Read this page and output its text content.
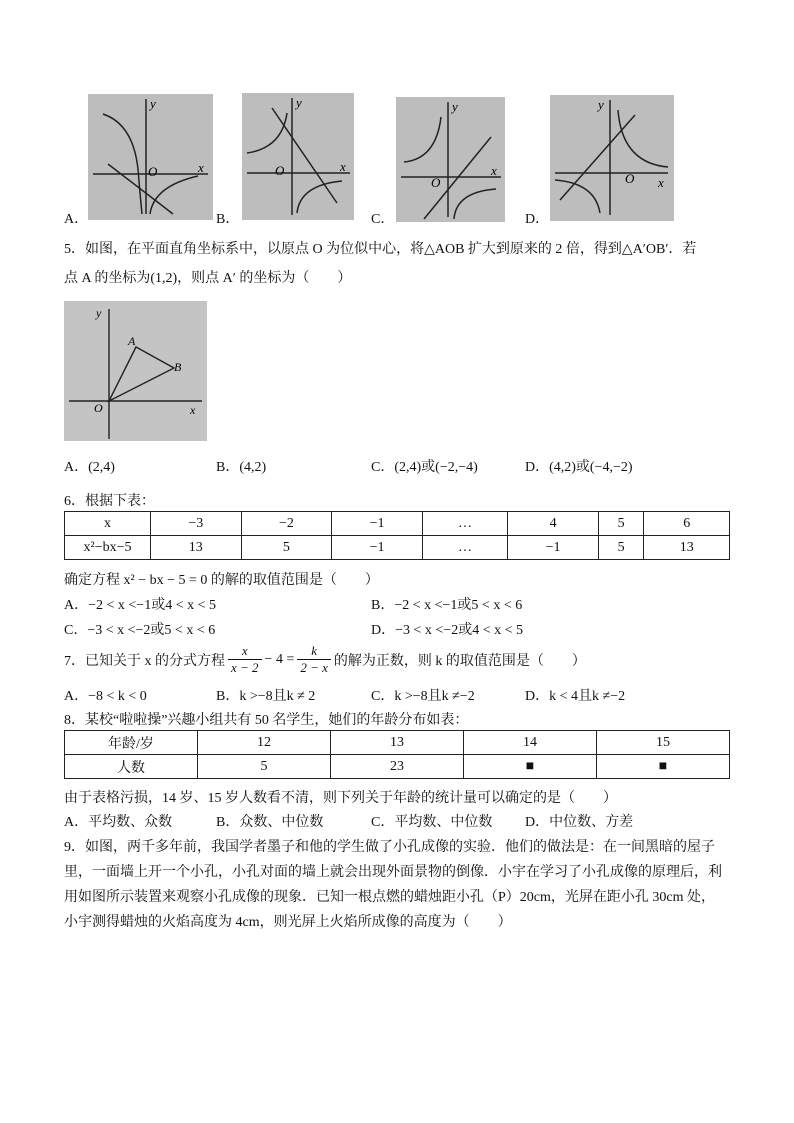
A．
y
x
O
B．
y
x
O
C．
y
x
O
D．
y
x
O
5．如图，在平面直角坐标系中，以原点 O 为位似中心，将△AOB 扩大到原来的 2 倍，得到△A′OB′．若
点 A 的坐标为(1,2)，则点 A′ 的坐标为（　　）
y
x
O
A
B
A．(2,4)	B．(4,2)	C．(2,4)或(−2,−4)	D．(4,2)或(−4,−2)
6．根据下表：
x	−3	−2	−1	…	4	5	6
x²−bx−5	13	5	−1	…	−1	5	13
确定方程 x² − bx − 5 = 0 的解的取值范围是（　　）
A．−2 < x <−1或4 < x < 5	B．−2 < x <−1或5 < x < 6
C．−3 < x <−2或5 < x < 6	D．−3 < x <−2或4 < x < 5
7．已知关于 x 的分式方程 $\frac{x}{x - 2} - 4 = \frac{k}{2 - x}$ 的解为正数，则 k 的取值范围是（　　）
A．−8 < k < 0	B．k >−8且k ≠ 2	C．k >−8且k ≠−2	D．k < 4且k ≠−2
8．某校“啦啦操”兴趣小组共有 50 名学生，她们的年龄分布如表：
年龄/岁	12	13	14	15
人数	5	23	■	■
由于表格污损，14 岁、15 岁人数看不清，则下列关于年龄的统计量可以确定的是（　　）
A．平均数、众数	B．众数、中位数	C．平均数、中位数 D．中位数、方差
9．如图，两千多年前，我国学者墨子和他的学生做了小孔成像的实验．他们的做法是：在一间黑暗的屋子
里，一面墙上开一个小孔，小孔对面的墙上就会出现外面景物的倒像．小宇在学习了小孔成像的原理后，利
用如图所示装置来观察小孔成像的现象．已知一根点燃的蜡烛距小孔（P）20cm，光屏在距小孔 30cm 处，
小宇测得蜡烛的火焰高度为 4cm，则光屏上火焰所成像的高度为（　　）
